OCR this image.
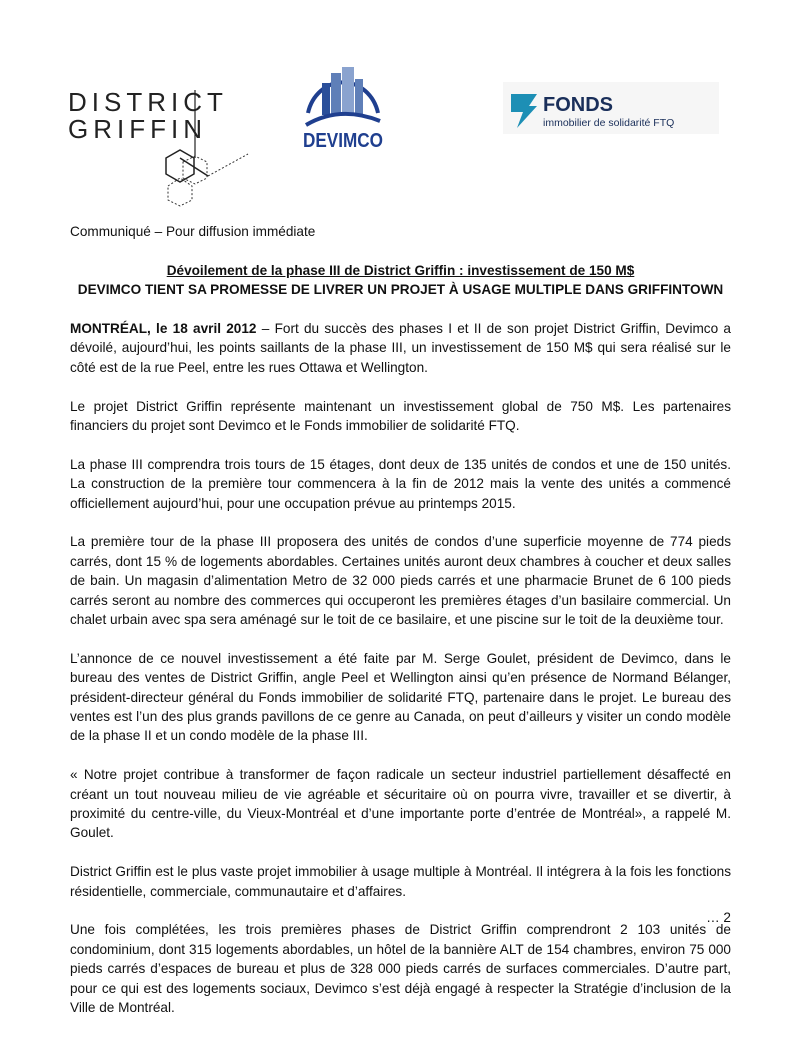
DISTRICT
GRIFFIN	DEVIMCO
FONDS
immobilier de solidarité FTQ

Communiqué – Pour diffusion immédiate

Dévoilement de la phase III de District Griffin : investissement de 150 M$

DEVIMCO TIENT SA PROMESSE DE LIVRER UN PROJET À USAGE MULTIPLE DANS GRIFFINTOWN

MONTRÉAL, le 18 avril 2012 – Fort du succès des phases I et II de son projet District Griffin, Devimco a dévoilé, aujourd’hui, les points saillants de la phase III, un investissement de 150 M$ qui sera réalisé sur le côté est de la rue Peel, entre les rues Ottawa et Wellington.

Le projet District Griffin représente maintenant un investissement global de 750 M$. Les partenaires financiers du projet sont Devimco et le Fonds immobilier de solidarité FTQ.

La phase III comprendra trois tours de 15 étages, dont deux de 135 unités de condos et une de 150 unités. La construction de la première tour commencera à la fin de 2012 mais la vente des unités a commencé officiellement aujourd’hui, pour une occupation prévue au printemps 2015.

La première tour de la phase III proposera des unités de condos d’une superficie moyenne de 774 pieds carrés, dont 15 % de logements abordables. Certaines unités auront deux chambres à coucher et deux salles de bain. Un magasin d’alimentation Metro de 32 000 pieds carrés et une pharmacie Brunet de 6 100 pieds carrés seront au nombre des commerces qui occuperont les premières étages d’un basilaire commercial. Un chalet urbain avec spa sera aménagé sur le toit de ce basilaire, et une piscine sur le toit de la deuxième tour.

L’annonce de ce nouvel investissement a été faite par M. Serge Goulet, président de Devimco, dans le bureau des ventes de District Griffin, angle Peel et Wellington ainsi qu’en présence de Normand Bélanger, président-directeur général du Fonds immobilier de solidarité FTQ, partenaire dans le projet. Le bureau des ventes est l’un des plus grands pavillons de ce genre au Canada, on peut d’ailleurs y visiter un condo modèle de la phase II et un condo modèle de la phase III.

« Notre projet contribue à transformer de façon radicale un secteur industriel partiellement désaffecté en créant un tout nouveau milieu de vie agréable et sécuritaire où on pourra vivre, travailler et se divertir, à proximité du centre-ville, du Vieux-Montréal et d’une importante porte d’entrée de Montréal», a rappelé M. Goulet.

District Griffin est le plus vaste projet immobilier à usage multiple à Montréal. Il intégrera à la fois les fonctions résidentielle, commerciale, communautaire et d’affaires.

Une fois complétées, les trois premières phases de District Griffin comprendront 2 103 unités de condominium, dont 315 logements abordables, un hôtel de la bannière ALT de 154 chambres, environ 75 000 pieds carrés d’espaces de bureau et plus de 328 000 pieds carrés de surfaces commerciales. D’autre part, pour ce qui est des logements sociaux, Devimco s’est déjà engagé à respecter la Stratégie d’inclusion de la Ville de Montréal.

… 2
